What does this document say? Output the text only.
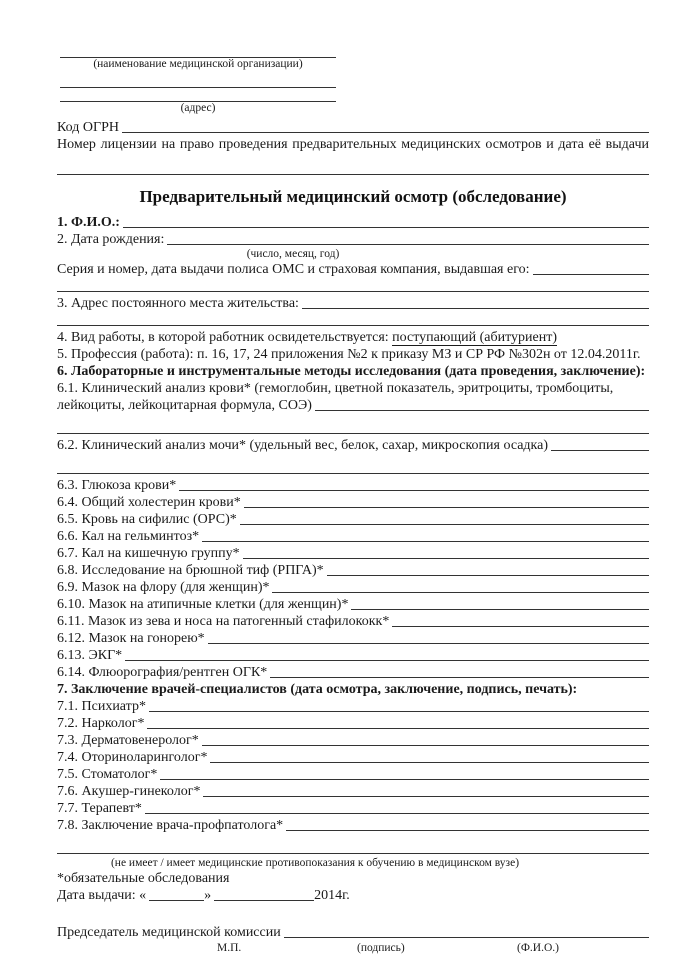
(наименование медицинской организации)
(адрес)
Код ОГРН
Номер лицензии на право проведения предварительных медицинских осмотров и дата её выдачи
Предварительный медицинский осмотр (обследование)
1. Ф.И.О.:
2. Дата рождения:
(число, месяц, год)
Серия и номер, дата выдачи полиса ОМС и страховая компания, выдавшая его:
3. Адрес постоянного места жительства:
4. Вид работы, в которой работник освидетельствуется:
поступающий (абитуриент)
5. Профессия (работа): п. 16, 17, 24 приложения №2 к приказу МЗ и СР РФ №302н от 12.04.2011г.
6. Лабораторные и инструментальные методы исследования (дата проведения, заключение):
6.1. Клинический анализ крови* (гемоглобин, цветной показатель, эритроциты, тромбоциты,
лейкоциты, лейкоцитарная формула, СОЭ)
6.2. Клинический анализ мочи* (удельный вес, белок, сахар, микроскопия осадка)
6.3. Глюкоза крови*
6.4. Общий холестерин крови*
6.5. Кровь на сифилис (ОРС)*
6.6. Кал на гельминтоз*
6.7. Кал на кишечную группу*
6.8. Исследование на брюшной тиф (РПГА)*
6.9. Мазок на флору (для женщин)*
6.10. Мазок на атипичные клетки (для женщин)*
6.11. Мазок из зева и носа на патогенный стафилококк*
6.12. Мазок на гонорею*
6.13. ЭКГ*
6.14. Флюорография/рентген ОГК*
7. Заключение врачей-специалистов (дата осмотра, заключение, подпись, печать):
7.1. Психиатр*
7.2. Нарколог*
7.3. Дерматовенеролог*
7.4. Оториноларинголог*
7.5. Стоматолог*
7.6. Акушер-гинеколог*
7.7. Терапевт*
7.8. Заключение врача-профпатолога*
(не имеет / имеет медицинские противопоказания к обучению в медицинском вузе)
*обязательные обследования
Дата выдачи: «	»	2014г.
Председатель медицинской комиссии
М.П.	(подпись)	(Ф.И.О.)
